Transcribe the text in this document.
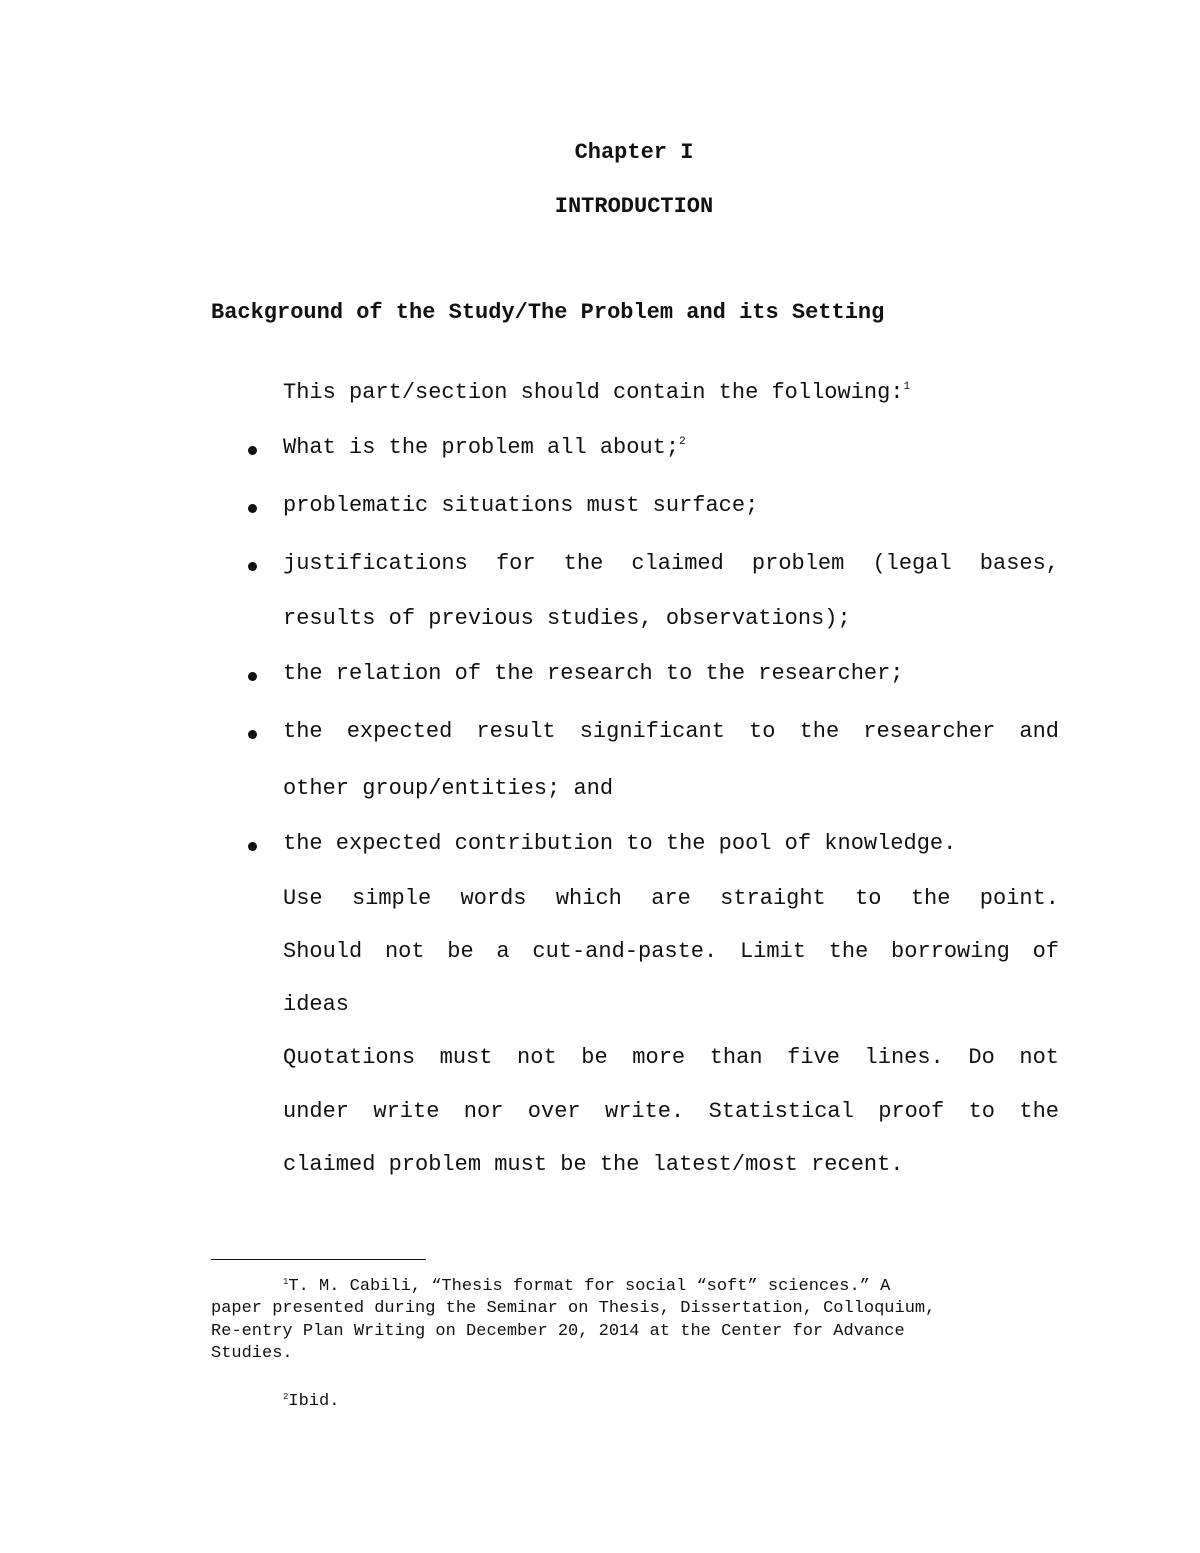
Chapter I
INTRODUCTION
Background of the Study/The Problem and its Setting
This part/section should contain the following:$^1$
What is the problem all about;$^2$
problematic situations must surface;
justifications for the claimed problem (legal bases,
results of previous studies, observations);
the relation of the research to the researcher;
the expected result significant to the researcher and
other group/entities; and
the expected contribution to the pool of knowledge.
Use simple words which are straight to the point.
Should not be a cut-and-paste. Limit the borrowing of
ideas
Quotations must not be more than five lines. Do not
under write nor over write. Statistical proof to the
claimed problem must be the latest/most recent.
$^1$T. M. Cabili, “Thesis format for social “soft” sciences.” A
paper presented during the Seminar on Thesis, Dissertation, Colloquium,
Re-entry Plan Writing on December 20, 2014 at the Center for Advance
Studies.
$^2$Ibid.
